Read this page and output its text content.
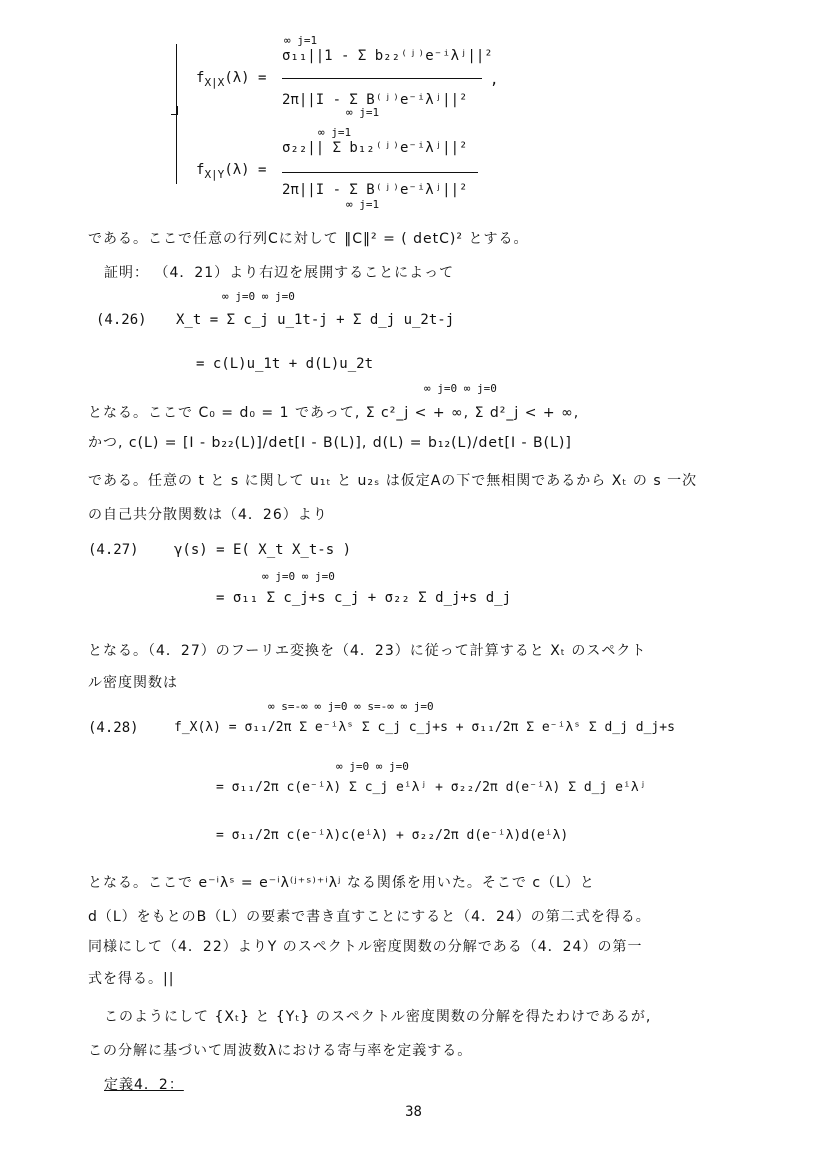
$f_{X|X}(\lambda)$ =
∞ j=1
σ₁₁||1 - Σ b₂₂⁽ʲ⁾e⁻ⁱλʲ||²
,
2π||I - Σ B⁽ʲ⁾e⁻ⁱλʲ||²
∞ j=1
$f_{X|Y}(\lambda)$ =
∞ j=1
σ₂₂|| Σ b₁₂⁽ʲ⁾e⁻ⁱλʲ||²
2π||I - Σ B⁽ʲ⁾e⁻ⁱλʲ||²
∞ j=1
である。ここで任意の行列Cに対して ‖C‖² = ( detC)² とする。
証明： （4．21）より右辺を展開することによって
(4.26)
∞ j=0 ∞ j=0
X_t = Σ c_j u_1t-j + Σ d_j u_2t-j
= c(L)u_1t + d(L)u_2t
∞ j=0 ∞ j=0
となる。ここで C₀ = d₀ = 1 であって, Σ c²_j < + ∞, Σ d²_j < + ∞,
かつ, c(L) = [I - b₂₂(L)]/det[I - B(L)], d(L) = b₁₂(L)/det[I - B(L)]
である。任意の t と s に関して u₁ₜ と u₂ₛ は仮定Aの下で無相関であるから Xₜ の s 一次
の自己共分散関数は（4．26）より
(4.27)	γ(s) = E( X_t X_t-s )
∞ j=0 ∞ j=0
= σ₁₁ Σ c_j+s c_j + σ₂₂ Σ d_j+s d_j
となる。（4．27）のフーリエ変換を（4．23）に従って計算すると Xₜ のスペクト
ル密度関数は
(4.28)
∞ s=-∞ ∞ j=0 ∞ s=-∞ ∞ j=0
f_X(λ) = σ₁₁/2π Σ e⁻ⁱλˢ Σ c_j c_j+s + σ₁₁/2π Σ e⁻ⁱλˢ Σ d_j d_j+s
∞ j=0 ∞ j=0
= σ₁₁/2π c(e⁻ⁱλ) Σ c_j eⁱλʲ + σ₂₂/2π d(e⁻ⁱλ) Σ d_j eⁱλʲ
= σ₁₁/2π c(e⁻ⁱλ)c(eⁱλ) + σ₂₂/2π d(e⁻ⁱλ)d(eⁱλ)
となる。ここで e⁻ⁱλˢ = e⁻ⁱλ⁽ʲ⁺ˢ⁾⁺ⁱλʲ なる関係を用いた。そこで c（L）と
d（L）をもとのB（L）の要素で書き直すことにすると（4．24）の第二式を得る。
同様にして（4．22）よりY のスペクトル密度関数の分解である（4．24）の第一
式を得る。||
このようにして {Xₜ} と {Yₜ} のスペクトル密度関数の分解を得たわけであるが,
この分解に基づいて周波数λにおける寄与率を定義する。
定義4．2：
38
